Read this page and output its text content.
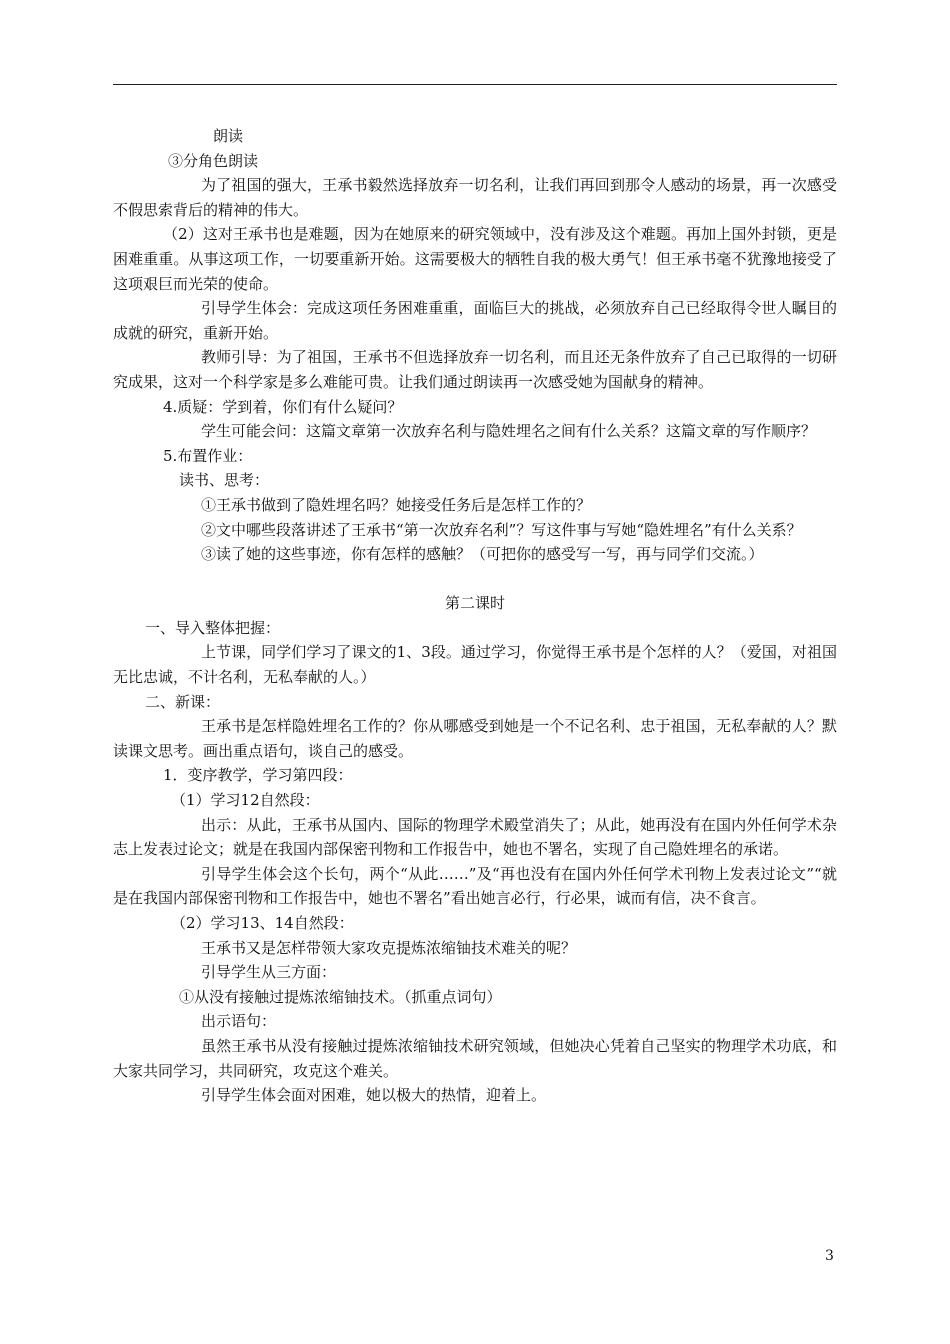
朗读

③分角色朗读

为了祖国的强大，王承书毅然选择放弃一切名利，让我们再回到那令人感动的场景，再一次感受不假思索背后的精神的伟大。

（2）这对王承书也是难题，因为在她原来的研究领域中，没有涉及这个难题。再加上国外封锁，更是困难重重。从事这项工作，一切要重新开始。这需要极大的牺牲自我的极大勇气！但王承书毫不犹豫地接受了这项艰巨而光荣的使命。

引导学生体会：完成这项任务困难重重，面临巨大的挑战，必须放弃自己已经取得令世人瞩目的成就的研究，重新开始。

教师引导：为了祖国，王承书不但选择放弃一切名利，而且还无条件放弃了自己已取得的一切研究成果，这对一个科学家是多么难能可贵。让我们通过朗读再一次感受她为国献身的精神。

4.质疑：学到着，你们有什么疑问？

学生可能会问：这篇文章第一次放弃名利与隐姓埋名之间有什么关系？这篇文章的写作顺序？

5.布置作业：

读书、思考：

①王承书做到了隐姓埋名吗？她接受任务后是怎样工作的？

②文中哪些段落讲述了王承书“第一次放弃名利”？写这件事与写她“隐姓埋名”有什么关系？

③读了她的这些事迹，你有怎样的感触？（可把你的感受写一写，再与同学们交流。）

第二课时

一、导入整体把握：

上节课，同学们学习了课文的1、3段。通过学习，你觉得王承书是个怎样的人？（爱国，对祖国无比忠诚，不计名利，无私奉献的人。）

二、新课：

王承书是怎样隐姓埋名工作的？你从哪感受到她是一个不记名利、忠于祖国，无私奉献的人？默读课文思考。画出重点语句，谈自己的感受。

1．变序教学，学习第四段：

（1）学习12自然段：

出示：从此，王承书从国内、国际的物理学术殿堂消失了；从此，她再没有在国内外任何学术杂志上发表过论文；就是在我国内部保密刊物和工作报告中，她也不署名，实现了自己隐姓埋名的承诺。

引导学生体会这个长句，两个“从此……”及“再也没有在国内外任何学术刊物上发表过论文”“就是在我国内部保密刊物和工作报告中，她也不署名”看出她言必行，行必果，诚而有信，决不食言。

（2）学习13、14自然段：

王承书又是怎样带领大家攻克提炼浓缩铀技术难关的呢？

引导学生从三方面：

①从没有接触过提炼浓缩铀技术。（抓重点词句）

出示语句：

虽然王承书从没有接触过提炼浓缩铀技术研究领域，但她决心凭着自己坚实的物理学术功底，和大家共同学习，共同研究，攻克这个难关。

引导学生体会面对困难，她以极大的热情，迎着上。

3
